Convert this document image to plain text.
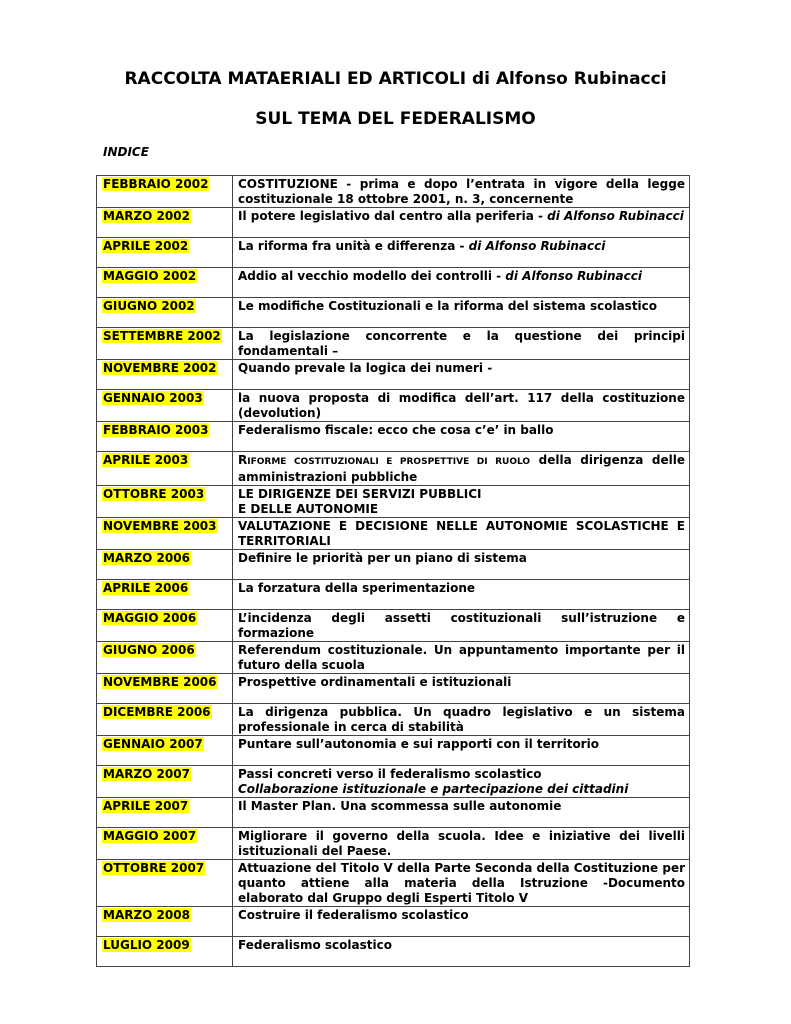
RACCOLTA MATAERIALI ED ARTICOLI di Alfonso Rubinacci
SUL TEMA DEL FEDERALISMO
INDICE
FEBBRAIO 2002	COSTITUZIONE - prima e dopo l’entrata in vigore della legge costituzionale 18 ottobre 2001, n. 3, concernente
MARZO 2002	Il potere legislativo dal centro alla periferia - di Alfonso Rubinacci
APRILE 2002	La riforma fra unità e differenza - di Alfonso Rubinacci
MAGGIO 2002	Addio al vecchio modello dei controlli - di Alfonso Rubinacci
GIUGNO 2002	Le modifiche Costituzionali e la riforma del sistema scolastico
SETTEMBRE 2002	La legislazione concorrente e la questione dei principi fondamentali –
NOVEMBRE 2002	Quando prevale la logica dei numeri -
GENNAIO 2003	la nuova proposta di modifica dell’art. 117 della costituzione (devolution)
FEBBRAIO 2003	Federalismo fiscale: ecco che cosa c’e’ in ballo
APRILE 2003	RIFORME COSTITUZIONALI E PROSPETTIVE DI RUOLO della dirigenza delle amministrazioni pubbliche
OTTOBRE 2003	LE DIRIGENZE DEI SERVIZI PUBBLICI
E DELLE AUTONOMIE

NOVEMBRE 2003	VALUTAZIONE E DECISIONE NELLE AUTONOMIE SCOLASTICHE E TERRITORIALI
MARZO 2006	Definire le priorità per un piano di sistema
APRILE 2006	La forzatura della sperimentazione
MAGGIO 2006	L’incidenza degli assetti costituzionali sull’istruzione e formazione
GIUGNO 2006	Referendum costituzionale. Un appuntamento importante per il futuro della scuola
NOVEMBRE 2006	Prospettive ordinamentali e istituzionali
DICEMBRE 2006	La dirigenza pubblica. Un quadro legislativo e un sistema professionale in cerca di stabilità
GENNAIO 2007	Puntare sull’autonomia e sui rapporti con il territorio
MARZO 2007	Passi concreti verso il federalismo scolastico
Collaborazione istituzionale e partecipazione dei cittadini

APRILE 2007	Il Master Plan. Una scommessa sulle autonomie
MAGGIO 2007	Migliorare il governo della scuola. Idee e iniziative dei livelli istituzionali del Paese.
OTTOBRE 2007	Attuazione del Titolo V della Parte Seconda della Costituzione per quanto attiene alla materia della Istruzione -Documento elaborato dal Gruppo degli Esperti Titolo V
MARZO 2008	Costruire il federalismo scolastico
LUGLIO 2009	Federalismo scolastico
